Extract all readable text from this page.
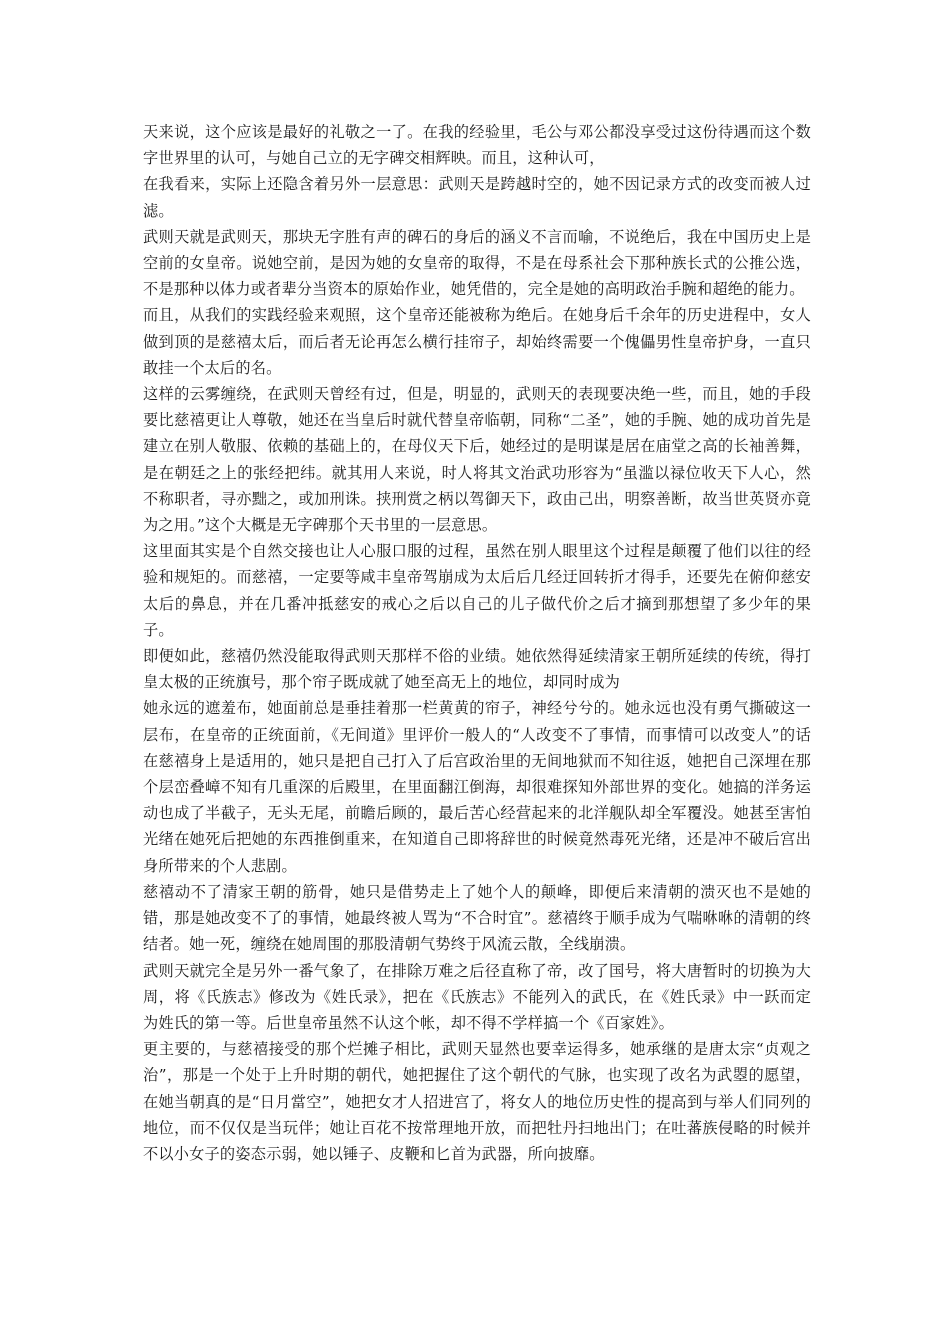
天来说，这个应该是最好的礼敬之一了。在我的经验里，毛公与邓公都没享受过这份待遇而这个数字世界里的认可，与她自己立的无字碑交相辉映。而且，这种认可，

在我看来，实际上还隐含着另外一层意思：武则天是跨越时空的，她不因记录方式的改变而被人过滤。

武则天就是武则天，那块无字胜有声的碑石的身后的涵义不言而喻，不说绝后，我在中国历史上是空前的女皇帝。说她空前，是因为她的女皇帝的取得，不是在母系社会下那种族长式的公推公选，不是那种以体力或者辈分当资本的原始作业，她凭借的，完全是她的高明政治手腕和超绝的能力。

而且，从我们的实践经验来观照，这个皇帝还能被称为绝后。在她身后千余年的历史进程中，女人做到顶的是慈禧太后，而后者无论再怎么横行挂帘子，却始终需要一个傀儡男性皇帝护身，一直只敢挂一个太后的名。

这样的云雾缠绕，在武则天曾经有过，但是，明显的，武则天的表现要决绝一些，而且，她的手段要比慈禧更让人尊敬，她还在当皇后时就代替皇帝临朝，同称“二圣”，她的手腕、她的成功首先是建立在别人敬服、依赖的基础上的，在母仪天下后，她经过的是明谋是居在庙堂之高的长袖善舞，是在朝廷之上的张经把纬。就其用人来说，时人将其文治武功形容为“虽滥以禄位收天下人心，然不称职者，寻亦黜之，或加刑诛。挟刑赏之柄以驾御天下，政由己出，明察善断，故当世英贤亦竟为之用。”这个大概是无字碑那个天书里的一层意思。

这里面其实是个自然交接也让人心服口服的过程，虽然在别人眼里这个过程是颠覆了他们以往的经验和规矩的。而慈禧，一定要等咸丰皇帝驾崩成为太后后几经迂回转折才得手，还要先在俯仰慈安太后的鼻息，并在几番冲抵慈安的戒心之后以自己的儿子做代价之后才摘到那想望了多少年的果子。

即便如此，慈禧仍然没能取得武则天那样不俗的业绩。她依然得延续清家王朝所延续的传统，得打皇太极的正统旗号，那个帘子既成就了她至高无上的地位，却同时成为

她永远的遮羞布，她面前总是垂挂着那一栏黄黄的帘子，神经兮兮的。她永远也没有勇气撕破这一层布，在皇帝的正统面前，《无间道》里评价一般人的“人改变不了事情，而事情可以改变人”的话在慈禧身上是适用的，她只是把自己打入了后宫政治里的无间地狱而不知往返，她把自己深埋在那个层峦叠嶂不知有几重深的后殿里，在里面翻江倒海，却很难探知外部世界的变化。她搞的洋务运动也成了半截子，无头无尾，前瞻后顾的，最后苦心经营起来的北洋舰队却全军覆没。她甚至害怕光绪在她死后把她的东西推倒重来，在知道自己即将辞世的时候竟然毒死光绪，还是冲不破后宫出身所带来的个人悲剧。

慈禧动不了清家王朝的筋骨，她只是借势走上了她个人的颠峰，即便后来清朝的溃灭也不是她的错，那是她改变不了的事情，她最终被人骂为“不合时宜”。慈禧终于顺手成为气喘咻咻的清朝的终结者。她一死，缠绕在她周围的那股清朝气势终于风流云散，全线崩溃。

武则天就完全是另外一番气象了，在排除万难之后径直称了帝，改了国号，将大唐暂时的切换为大周，将《氏族志》修改为《姓氏录》，把在《氏族志》不能列入的武氏，在《姓氏录》中一跃而定为姓氏的第一等。后世皇帝虽然不认这个帐，却不得不学样搞一个《百家姓》。

更主要的，与慈禧接受的那个烂摊子相比，武则天显然也要幸运得多，她承继的是唐太宗“贞观之治”，那是一个处于上升时期的朝代，她把握住了这个朝代的气脉，也实现了改名为武曌的愿望，在她当朝真的是“日月當空”，她把女才人招进宫了，将女人的地位历史性的提高到与举人们同列的地位，而不仅仅是当玩伴；她让百花不按常理地开放，而把牡丹扫地出门；在吐蕃族侵略的时候并不以小女子的姿态示弱，她以锤子、皮鞭和匕首为武器，所向披靡。
